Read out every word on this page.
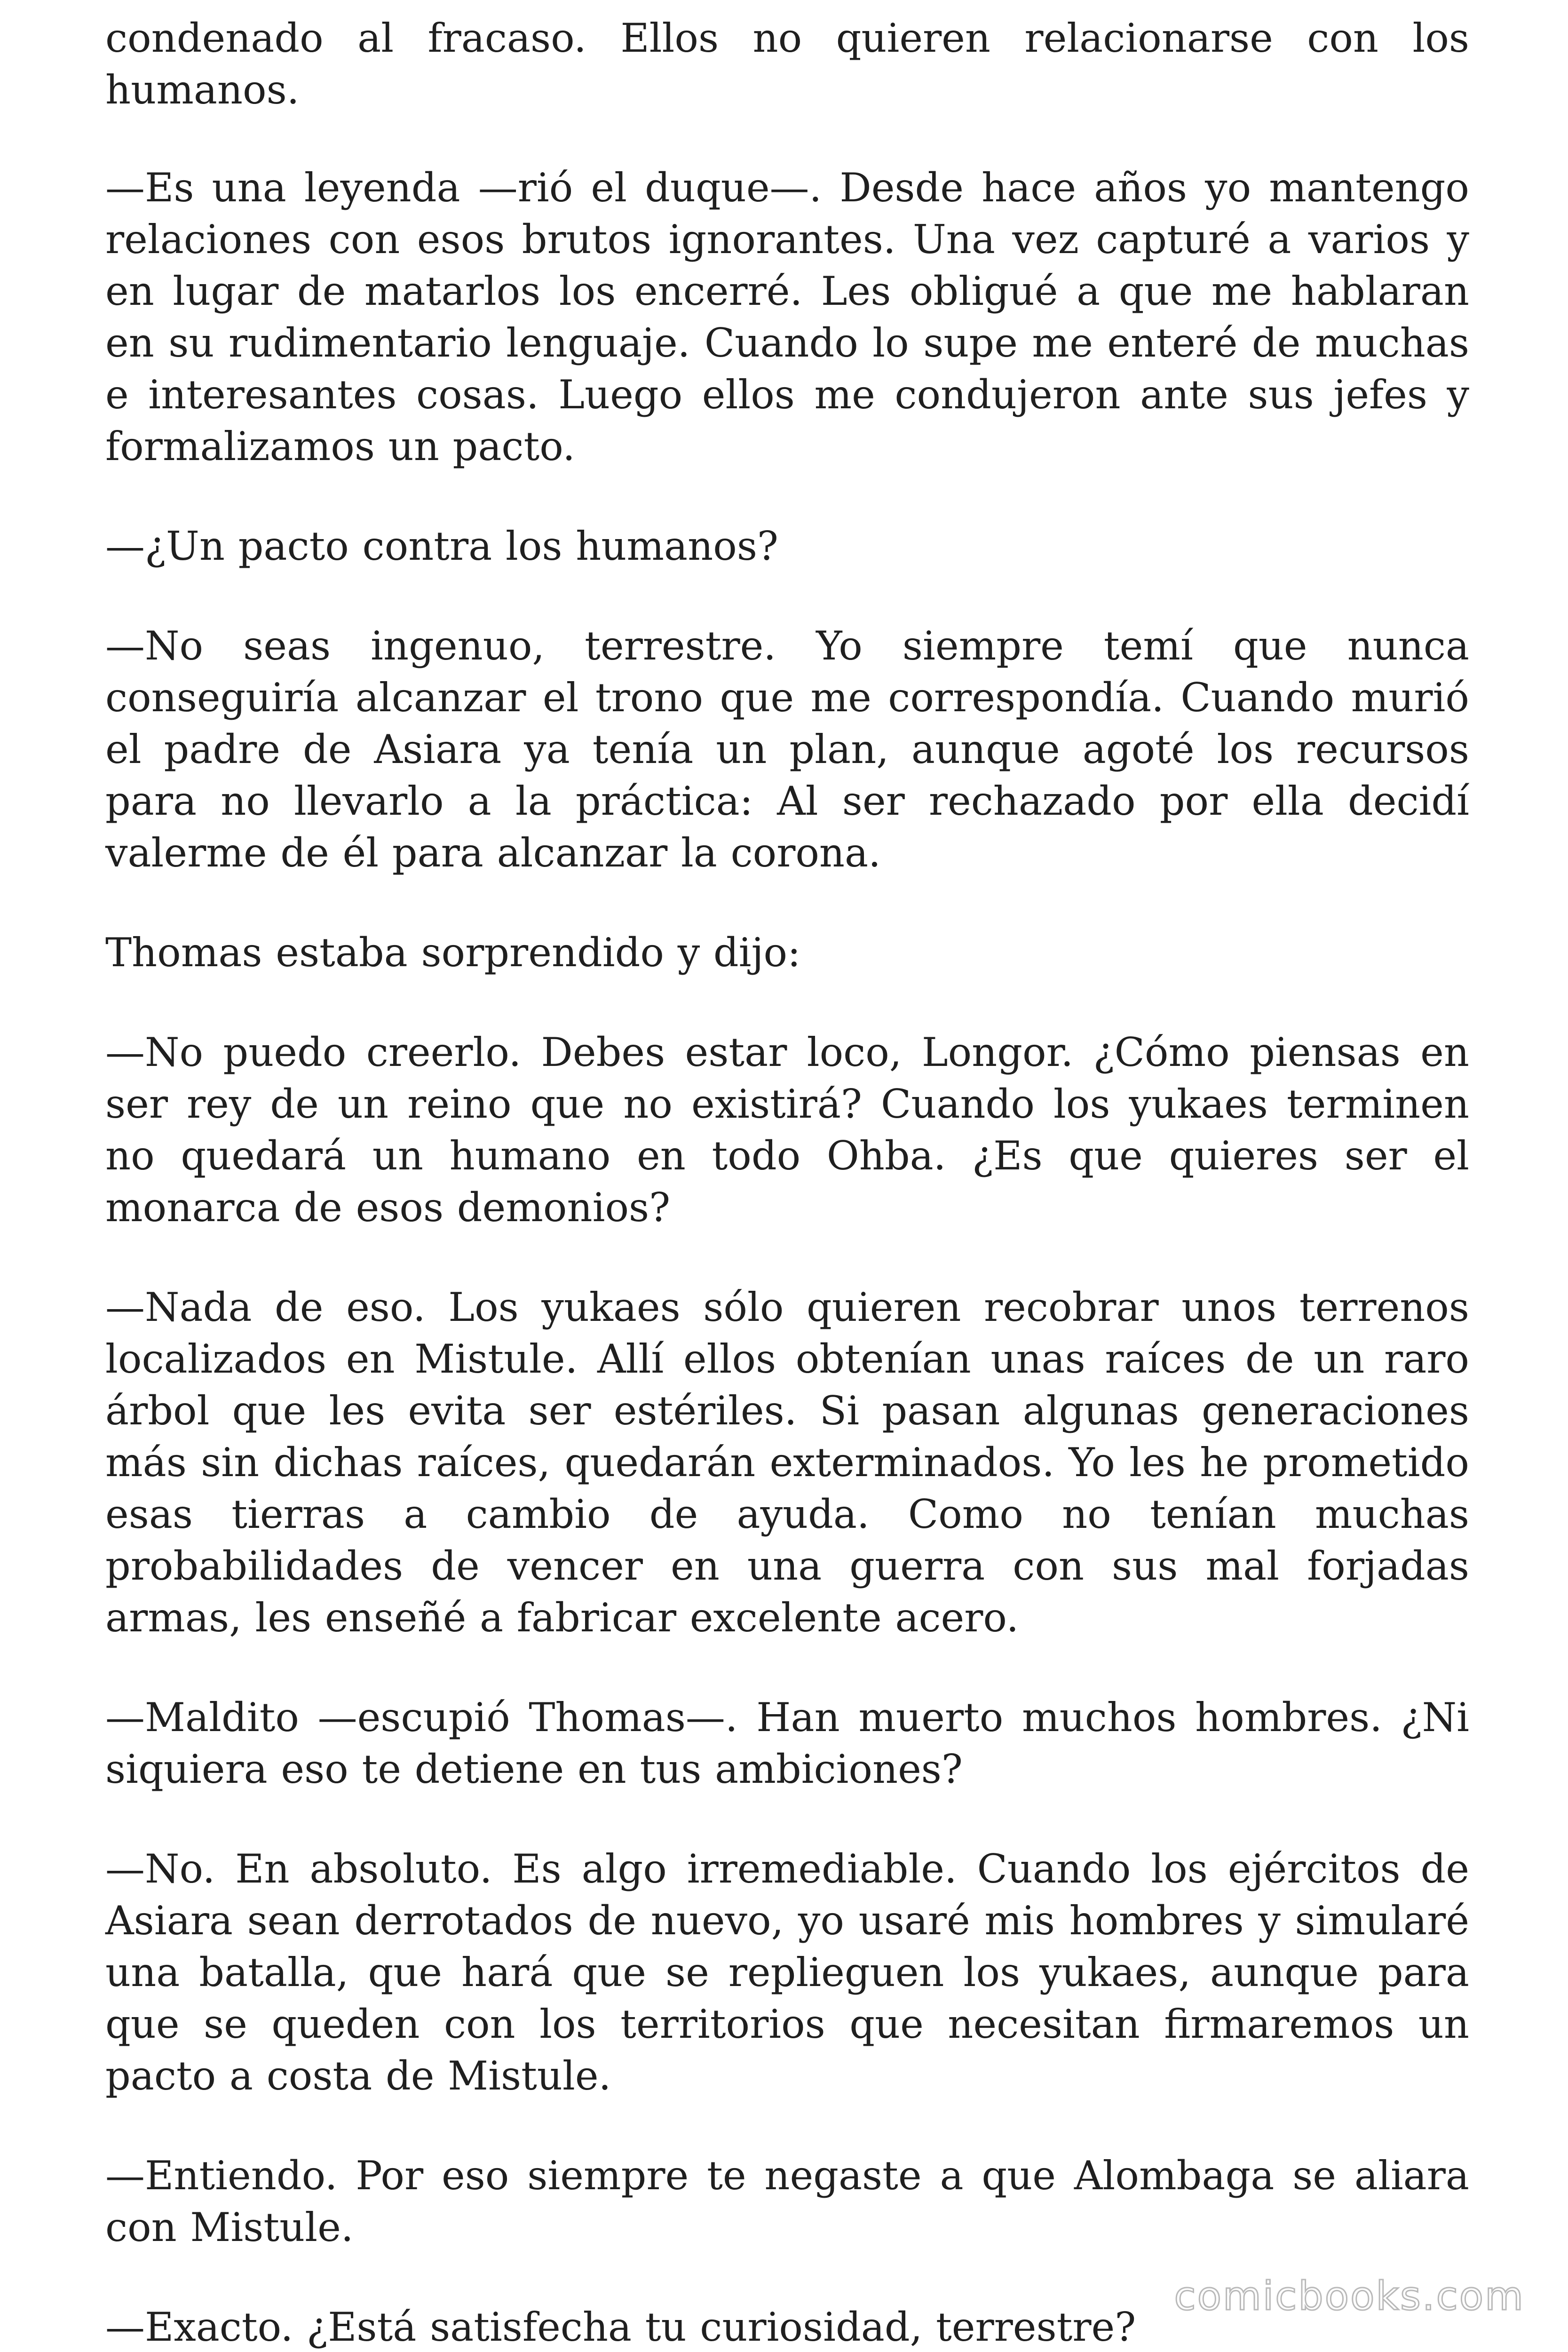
condenado al fracaso. Ellos no quieren relacionarse con los humanos.

—Es una leyenda —rió el duque—. Desde hace años yo mantengo relaciones con esos brutos ignorantes. Una vez capturé a varios y en lugar de matarlos los encerré. Les obligué a que me hablaran en su rudimentario lenguaje. Cuando lo supe me enteré de muchas e interesantes cosas. Luego ellos me condujeron ante sus jefes y formalizamos un pacto.

—¿Un pacto contra los humanos?

—No seas ingenuo, terrestre. Yo siempre temí que nunca conseguiría alcanzar el trono que me correspondía. Cuando murió el padre de Asiara ya tenía un plan, aunque agoté los recursos para no llevarlo a la práctica: Al ser rechazado por ella decidí valerme de él para alcanzar la corona.

Thomas estaba sorprendido y dijo:

—No puedo creerlo. Debes estar loco, Longor. ¿Cómo piensas en ser rey de un reino que no existirá? Cuando los yukaes terminen no quedará un humano en todo Ohba. ¿Es que quieres ser el monarca de esos demonios?

—Nada de eso. Los yukaes sólo quieren recobrar unos terrenos localizados en Mistule. Allí ellos obtenían unas raíces de un raro árbol que les evita ser estériles. Si pasan algunas generaciones más sin dichas raíces, quedarán exterminados. Yo les he prometido esas tierras a cambio de ayuda. Como no tenían muchas probabilidades de vencer en una guerra con sus mal forjadas armas, les enseñé a fabricar excelente acero.

—Maldito —escupió Thomas—. Han muerto muchos hombres. ¿Ni siquiera eso te detiene en tus ambiciones?

—No. En absoluto. Es algo irremediable. Cuando los ejércitos de Asiara sean derrotados de nuevo, yo usaré mis hombres y simularé una batalla, que hará que se replieguen los yukaes, aunque para que se queden con los territorios que necesitan firmaremos un pacto a costa de Mistule.

—Entiendo. Por eso siempre te negaste a que Alombaga se aliara con Mistule.

—Exacto. ¿Está satisfecha tu curiosidad, terrestre?

comicbooks.com
